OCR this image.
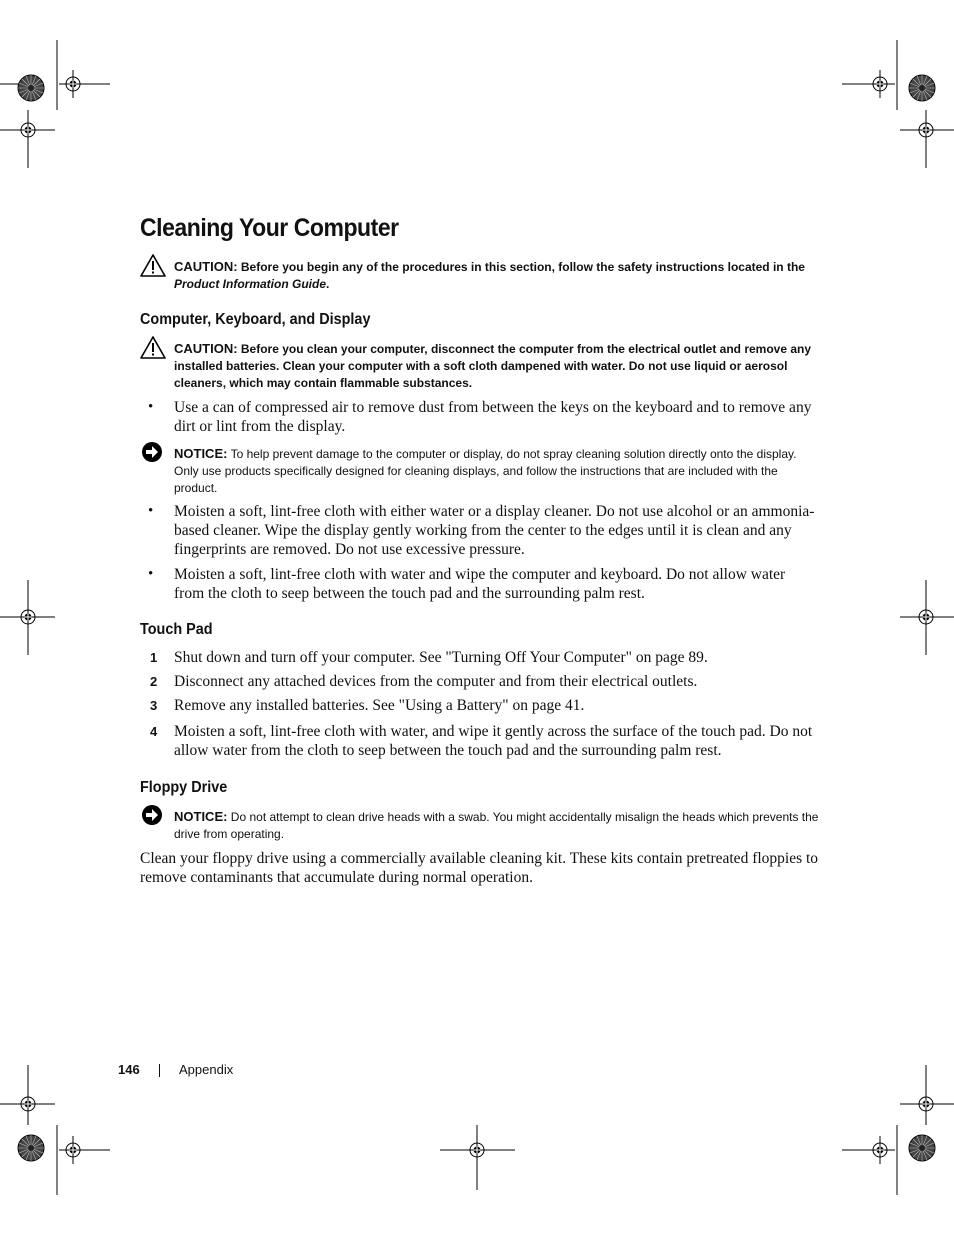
Cleaning Your Computer
CAUTION: Before you begin any of the procedures in this section, follow the safety instructions located in the Product Information Guide.
Computer, Keyboard, and Display
CAUTION: Before you clean your computer, disconnect the computer from the electrical outlet and remove any installed batteries. Clean your computer with a soft cloth dampened with water. Do not use liquid or aerosol cleaners, which may contain flammable substances.
• Use a can of compressed air to remove dust from between the keys on the keyboard and to remove any dirt or lint from the display.
NOTICE: To help prevent damage to the computer or display, do not spray cleaning solution directly onto the display. Only use products specifically designed for cleaning displays, and follow the instructions that are included with the product.
• Moisten a soft, lint-free cloth with either water or a display cleaner. Do not use alcohol or an ammonia-based cleaner. Wipe the display gently working from the center to the edges until it is clean and any fingerprints are removed. Do not use excessive pressure.
• Moisten a soft, lint-free cloth with water and wipe the computer and keyboard. Do not allow water from the cloth to seep between the touch pad and the surrounding palm rest.
Touch Pad
1 Shut down and turn off your computer. See "Turning Off Your Computer" on page 89.
2 Disconnect any attached devices from the computer and from their electrical outlets.
3 Remove any installed batteries. See "Using a Battery" on page 41.
4 Moisten a soft, lint-free cloth with water, and wipe it gently across the surface of the touch pad. Do not allow water from the cloth to seep between the touch pad and the surrounding palm rest.
Floppy Drive
NOTICE: Do not attempt to clean drive heads with a swab. You might accidentally misalign the heads which prevents the drive from operating.
Clean your floppy drive using a commercially available cleaning kit. These kits contain pretreated floppies to remove contaminants that accumulate during normal operation.
146	Appendix
